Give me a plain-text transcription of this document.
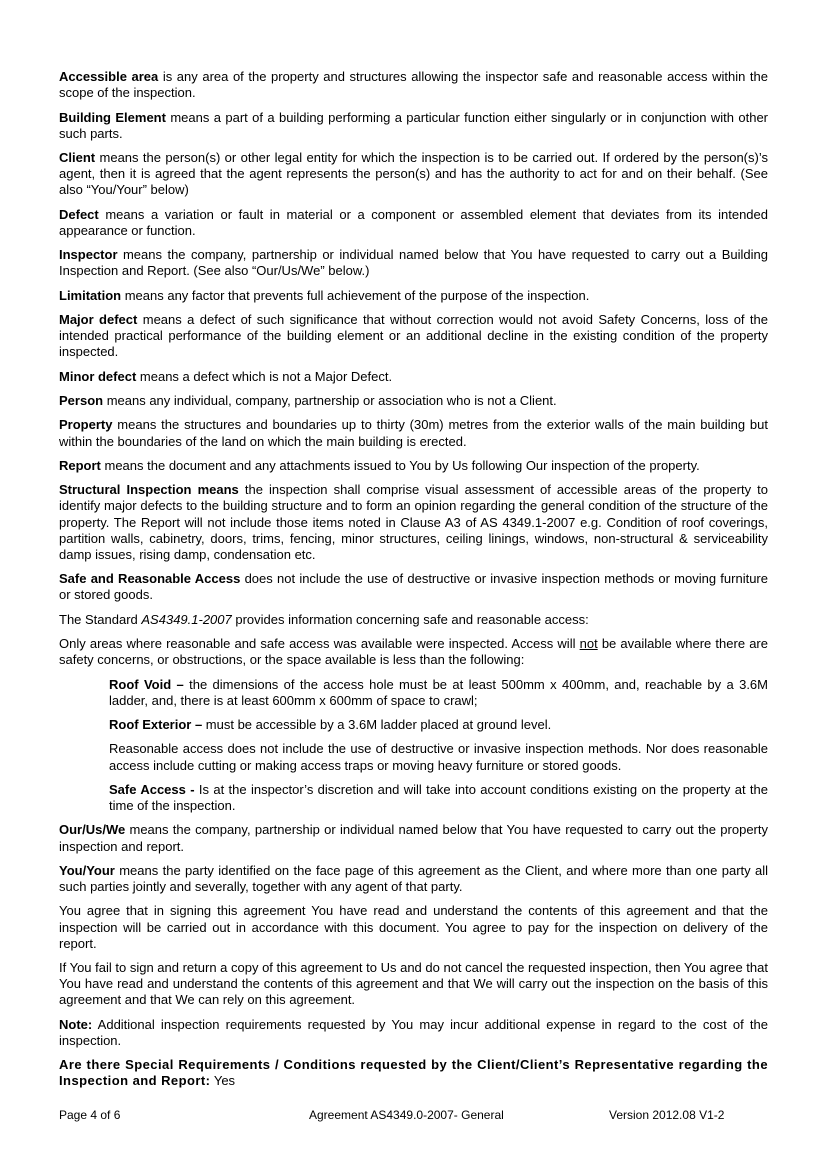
Accessible area is any area of the property and structures allowing the inspector safe and reasonable access within the scope of the inspection.

Building Element means a part of a building performing a particular function either singularly or in conjunction with other such parts.

Client means the person(s) or other legal entity for which the inspection is to be carried out. If ordered by the person(s)’s agent, then it is agreed that the agent represents the person(s) and has the authority to act for and on their behalf. (See also “You/Your” below)

Defect means a variation or fault in material or a component or assembled element that deviates from its intended appearance or function.

Inspector means the company, partnership or individual named below that You have requested to carry out a Building Inspection and Report. (See also “Our/Us/We” below.)

Limitation means any factor that prevents full achievement of the purpose of the inspection.

Major defect means a defect of such significance that without correction would not avoid Safety Concerns, loss of the intended practical performance of the building element or an additional decline in the existing condition of the property inspected.

Minor defect means a defect which is not a Major Defect.

Person means any individual, company, partnership or association who is not a Client.

Property means the structures and boundaries up to thirty (30m) metres from the exterior walls of the main building but within the boundaries of the land on which the main building is erected.

Report means the document and any attachments issued to You by Us following Our inspection of the property.

Structural Inspection means the inspection shall comprise visual assessment of accessible areas of the property to identify major defects to the building structure and to form an opinion regarding the general condition of the structure of the property. The Report will not include those items noted in Clause A3 of AS 4349.1-2007 e.g. Condition of roof coverings, partition walls, cabinetry, doors, trims, fencing, minor structures, ceiling linings, windows, non-structural & serviceability damp issues, rising damp, condensation etc.

Safe and Reasonable Access does not include the use of destructive or invasive inspection methods or moving furniture or stored goods.

The Standard AS4349.1-2007 provides information concerning safe and reasonable access:

Only areas where reasonable and safe access was available were inspected. Access will not be available where there are safety concerns, or obstructions, or the space available is less than the following:

Roof Void – the dimensions of the access hole must be at least 500mm x 400mm, and, reachable by a 3.6M ladder, and, there is at least 600mm x 600mm of space to crawl;

Roof Exterior – must be accessible by a 3.6M ladder placed at ground level.

Reasonable access does not include the use of destructive or invasive inspection methods. Nor does reasonable access include cutting or making access traps or moving heavy furniture or stored goods.

Safe Access - Is at the inspector’s discretion and will take into account conditions existing on the property at the time of the inspection.

Our/Us/We means the company, partnership or individual named below that You have requested to carry out the property inspection and report.

You/Your means the party identified on the face page of this agreement as the Client, and where more than one party all such parties jointly and severally, together with any agent of that party.

You agree that in signing this agreement You have read and understand the contents of this agreement and that the inspection will be carried out in accordance with this document. You agree to pay for the inspection on delivery of the report.

If You fail to sign and return a copy of this agreement to Us and do not cancel the requested inspection, then You agree that You have read and understand the contents of this agreement and that We will carry out the inspection on the basis of this agreement and that We can rely on this agreement.

Note: Additional inspection requirements requested by You may incur additional expense in regard to the cost of the inspection.

Are there Special Requirements / Conditions requested by the Client/Client’s Representative regarding the Inspection and Report: Yes

Page 4 of 6	Agreement AS4349.0-2007- General	Version 2012.08 V1-2
